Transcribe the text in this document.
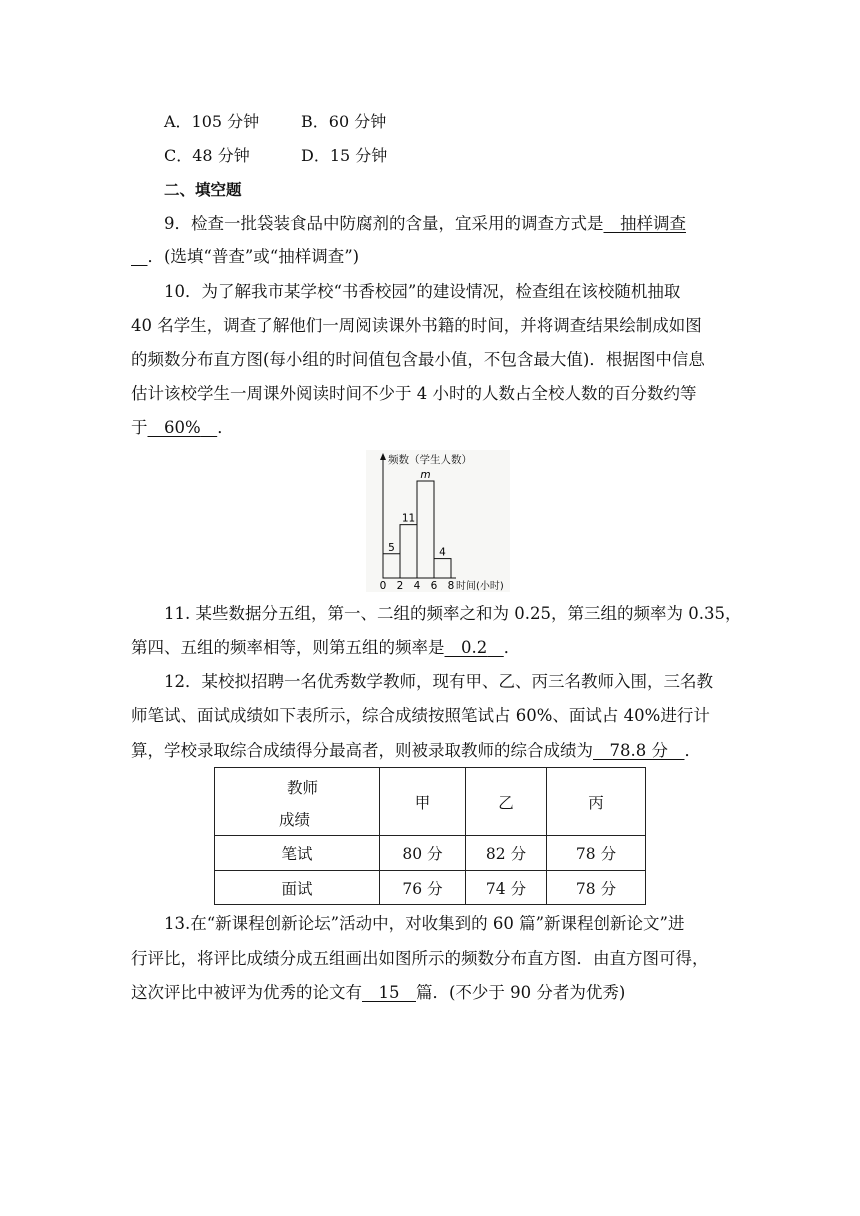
A．105 分钟	B．60 分钟
C．48 分钟	D．15 分钟
二、填空题
9．检查一批袋装食品中防腐剂的含量，宜采用的调查方式是   抽样调查
  ．(选填“普查”或“抽样调查”)
10．为了解我市某学校“书香校园”的建设情况，检查组在该校随机抽取
40 名学生，调查了解他们一周阅读课外书籍的时间，并将调查结果绘制成如图
的频数分布直方图(每小组的时间值包含最小值，不包含最大值)．根据图中信息
估计该校学生一周课外阅读时间不少于 4 小时的人数占全校人数的百分数约等
于   60%   ．
频数（学生人数）
时间(小时)
5
11
m
4
0 2 4 6 8
11. 某些数据分五组，第一、二组的频率之和为 0.25，第三组的频率为 0.35，
第四、五组的频率相等，则第五组的频率是   0.2   ．
12．某校拟招聘一名优秀数学教师，现有甲、乙、丙三名教师入围，三名教
师笔试、面试成绩如下表所示，综合成绩按照笔试占 60%、面试占 40%进行计
算，学校录取综合成绩得分最高者，则被录取教师的综合成绩为   78.8 分   ．
教师
成绩	甲	乙	丙
笔试	80 分	82 分	78 分
面试	76 分	74 分	78 分
13.在“新课程创新论坛”活动中，对收集到的 60 篇”新课程创新论文”进
行评比，将评比成绩分成五组画出如图所示的频数分布直方图．由直方图可得，
这次评比中被评为优秀的论文有   15   篇．(不少于 90 分者为优秀)
